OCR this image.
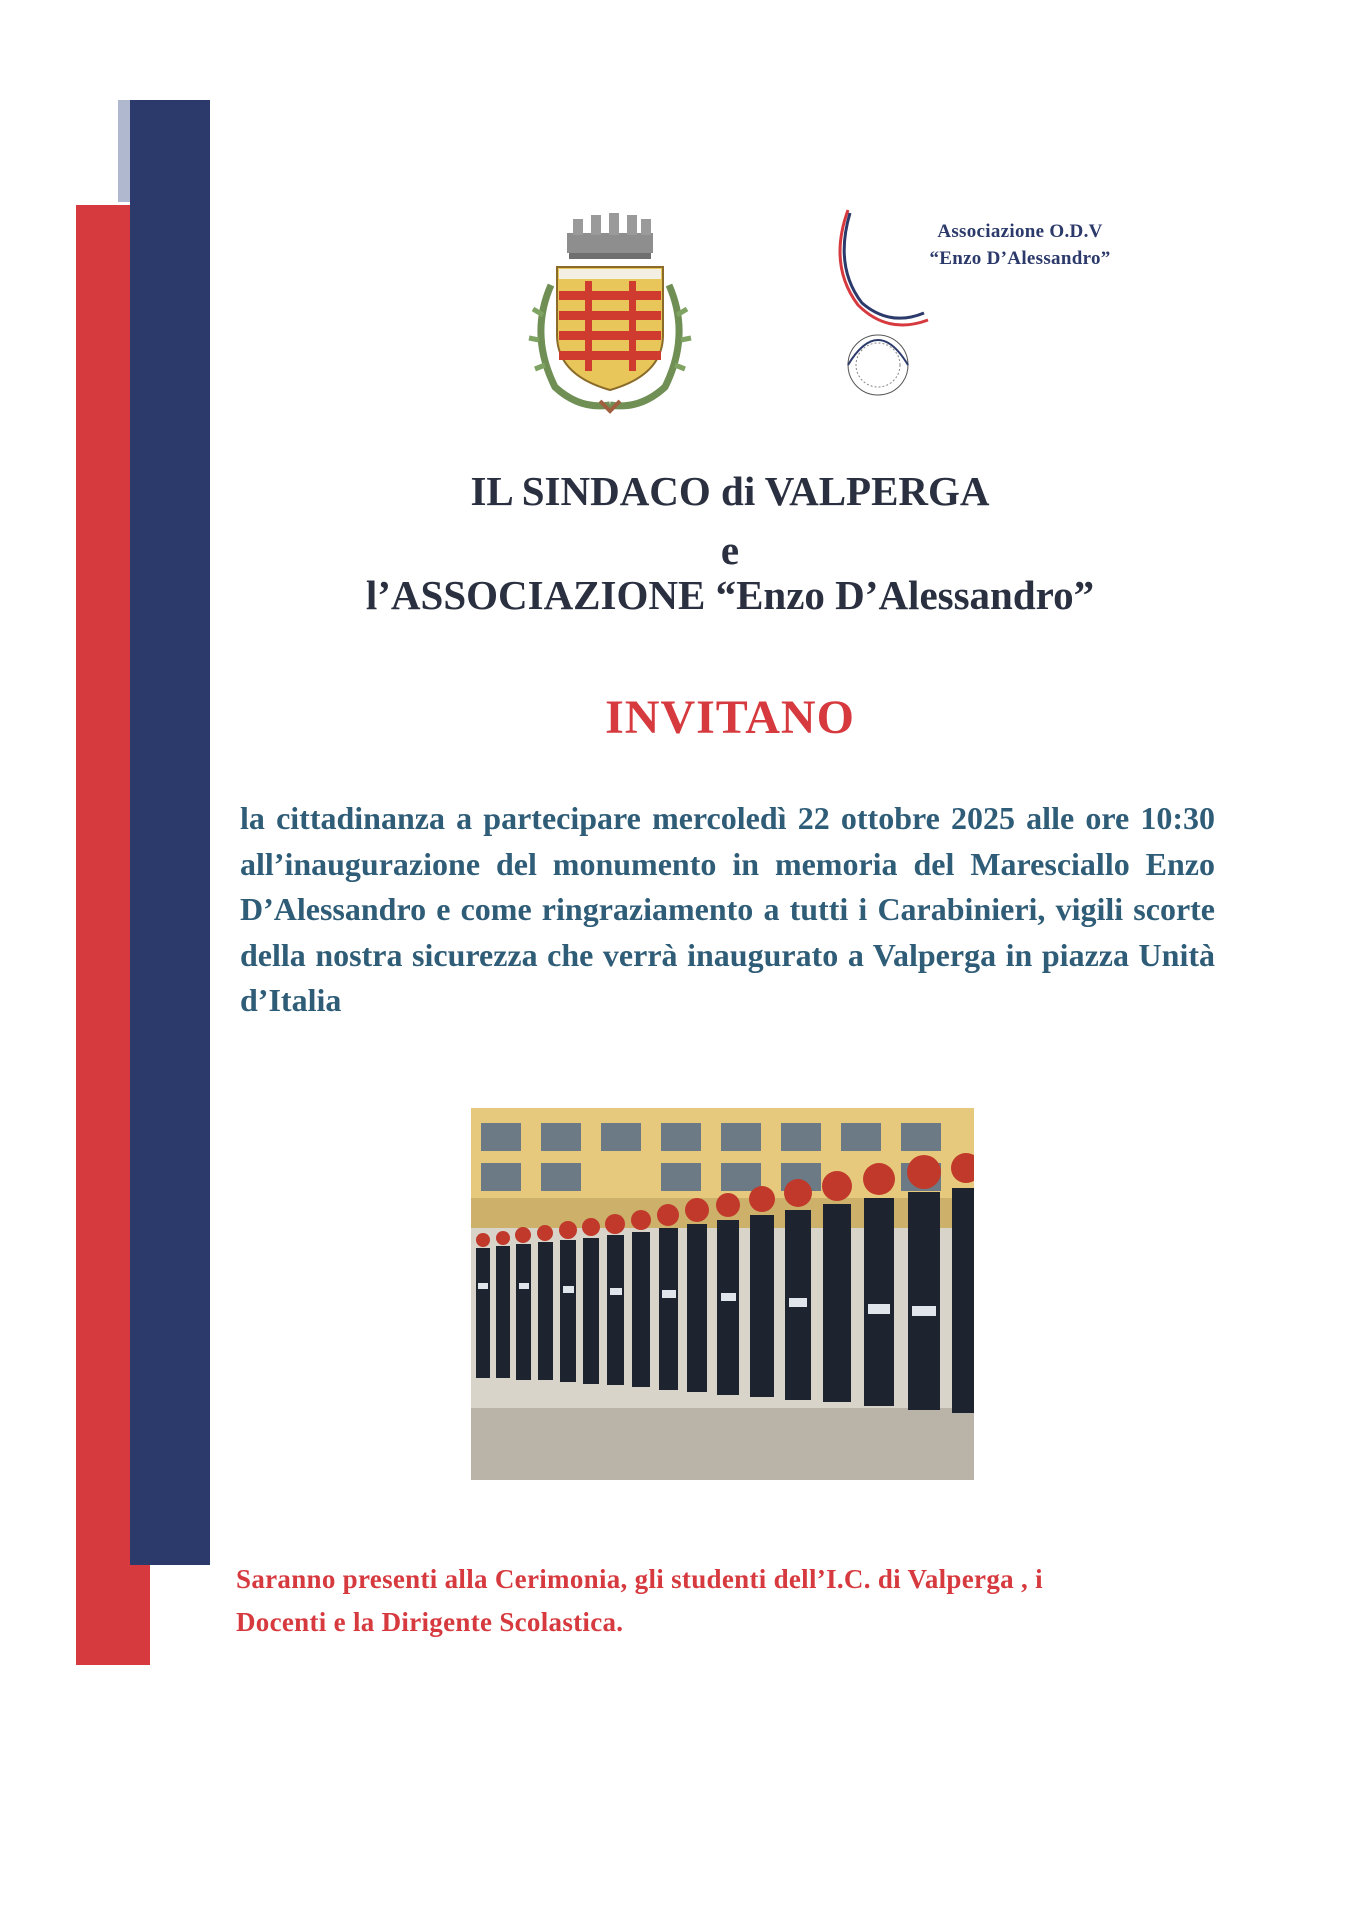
Associazione O.D.V
“Enzo D’Alessandro”
IL SINDACO di VALPERGA
e
l’ASSOCIAZIONE “Enzo D’Alessandro”
INVITANO
la cittadinanza a partecipare mercoledì 22 ottobre 2025 alle ore 10:30 all’inaugurazione del monumento in memoria del Maresciallo Enzo D’Alessandro e come ringraziamento a tutti i Carabinieri, vigili scorte della nostra sicurezza che verrà inaugurato a Valperga in piazza Unità d’Italia
Saranno presenti alla Cerimonia, gli studenti dell’I.C. di Valperga , i Docenti e la Dirigente Scolastica.
